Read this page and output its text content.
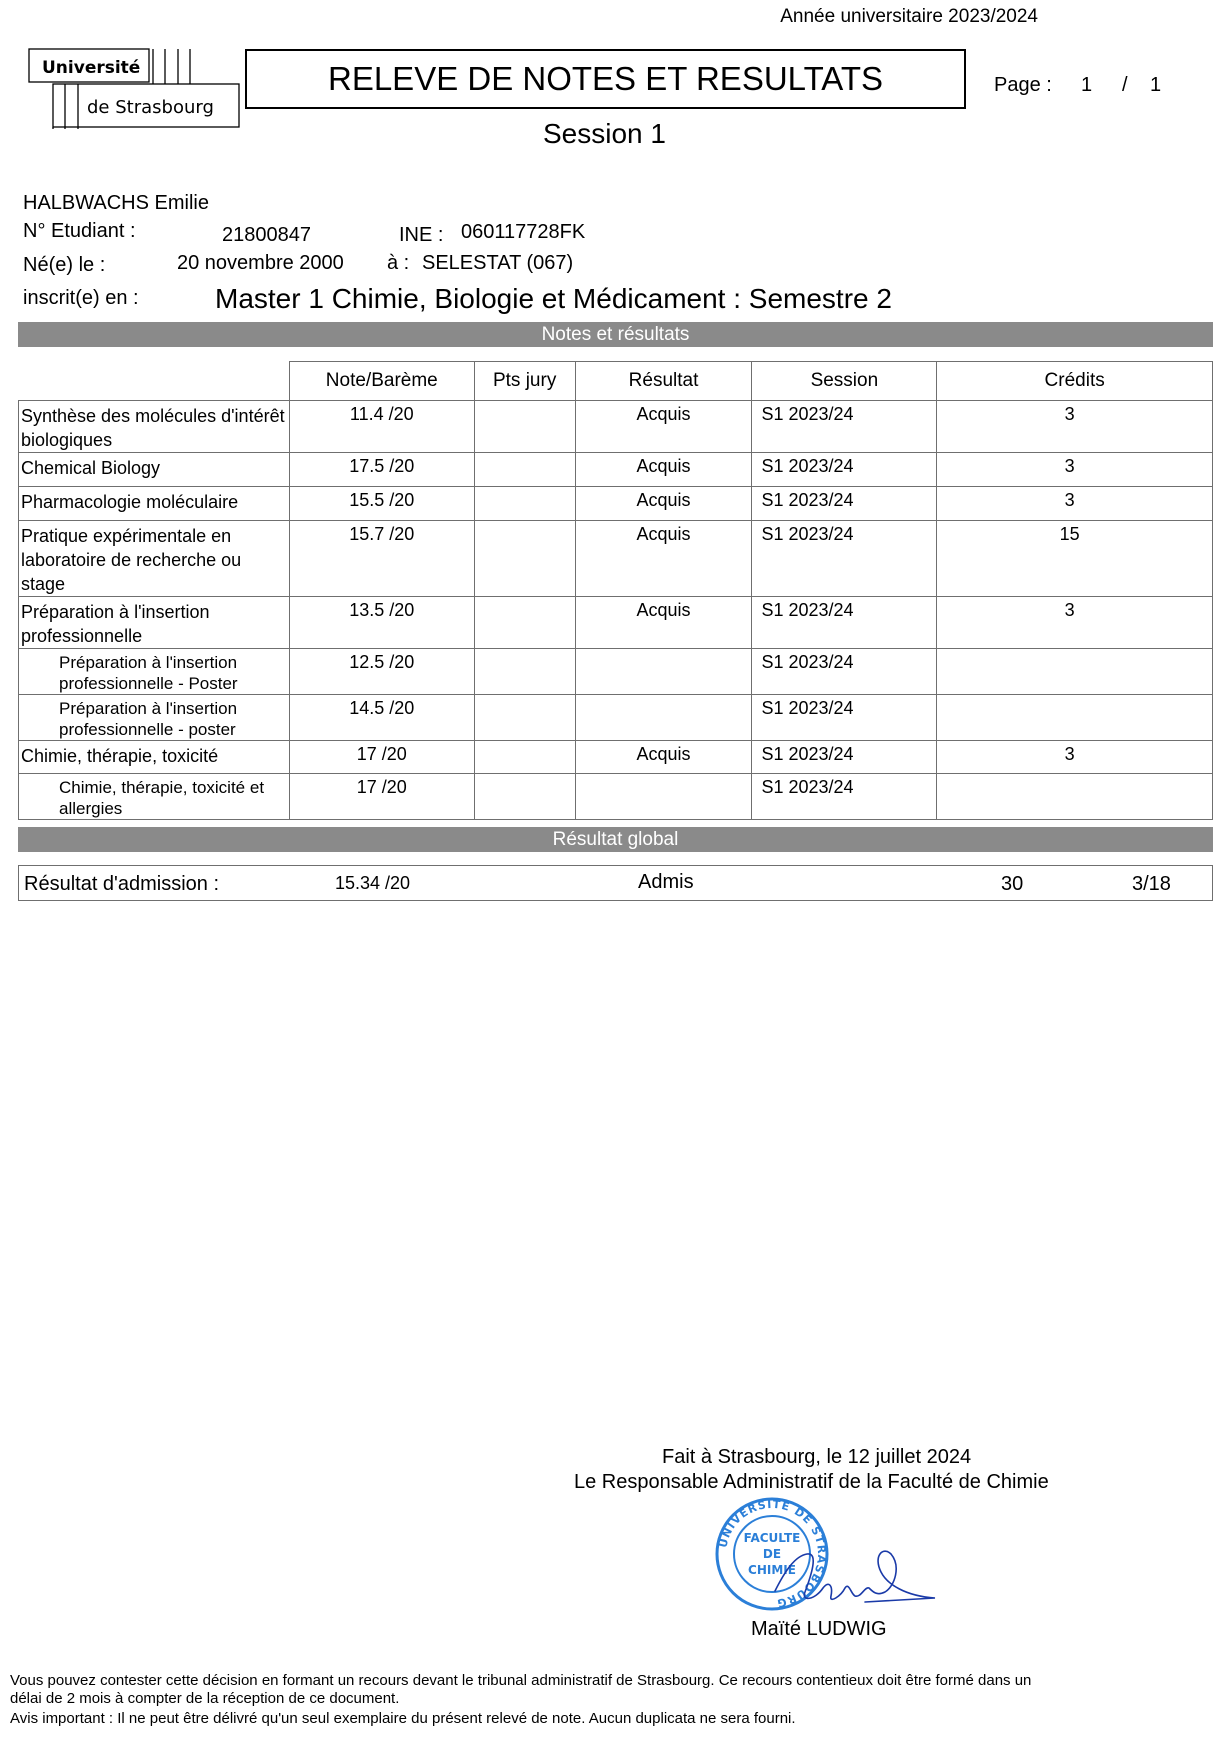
Année universitaire 2023/2024
Université
de Strasbourg
RELEVE DE NOTES ET RESULTATS	Page : 1 / 1
Session 1
HALBWACHS Emilie
N° Etudiant :	21800847	INE : 060117728FK
Né(e) le :	20 novembre 2000 à : SELESTAT (067)
inscrit(e) en :	Master 1 Chimie, Biologie et Médicament : Semestre 2
Notes et résultats
	Note/Barème	Pts jury	Résultat	Session	Crédits
Synthèse des molécules d'intérêt biologiques	11.4 /20		Acquis	S1 2023/24	3
Chemical Biology	17.5 /20		Acquis	S1 2023/24	3
Pharmacologie moléculaire	15.5 /20		Acquis	S1 2023/24	3
Pratique expérimentale en laboratoire de recherche ou stage	15.7 /20		Acquis	S1 2023/24	15
Préparation à l'insertion professionnelle	13.5 /20		Acquis	S1 2023/24	3
Préparation à l'insertion professionnelle - Poster	12.5 /20			S1 2023/24	
Préparation à l'insertion professionnelle - poster	14.5 /20			S1 2023/24	
Chimie, thérapie, toxicité	17 /20		Acquis	S1 2023/24	3
Chimie, thérapie, toxicité et allergies	17 /20			S1 2023/24	
Résultat global
Résultat d'admission :	15.34 /20	Admis	30	3/18
Fait à Strasbourg, le 12 juillet 2024
Le Responsable Administratif de la Faculté de Chimie
UNIVERSITÉ DE STRASBOURG
FACULTE
DE
CHIMIE
Maïté LUDWIG
Vous pouvez contester cette décision en formant un recours devant le tribunal administratif de Strasbourg. Ce recours contentieux doit être formé dans un
délai de 2 mois à compter de la réception de ce document.
Avis important : Il ne peut être délivré qu'un seul exemplaire du présent relevé de note. Aucun duplicata ne sera fourni.
